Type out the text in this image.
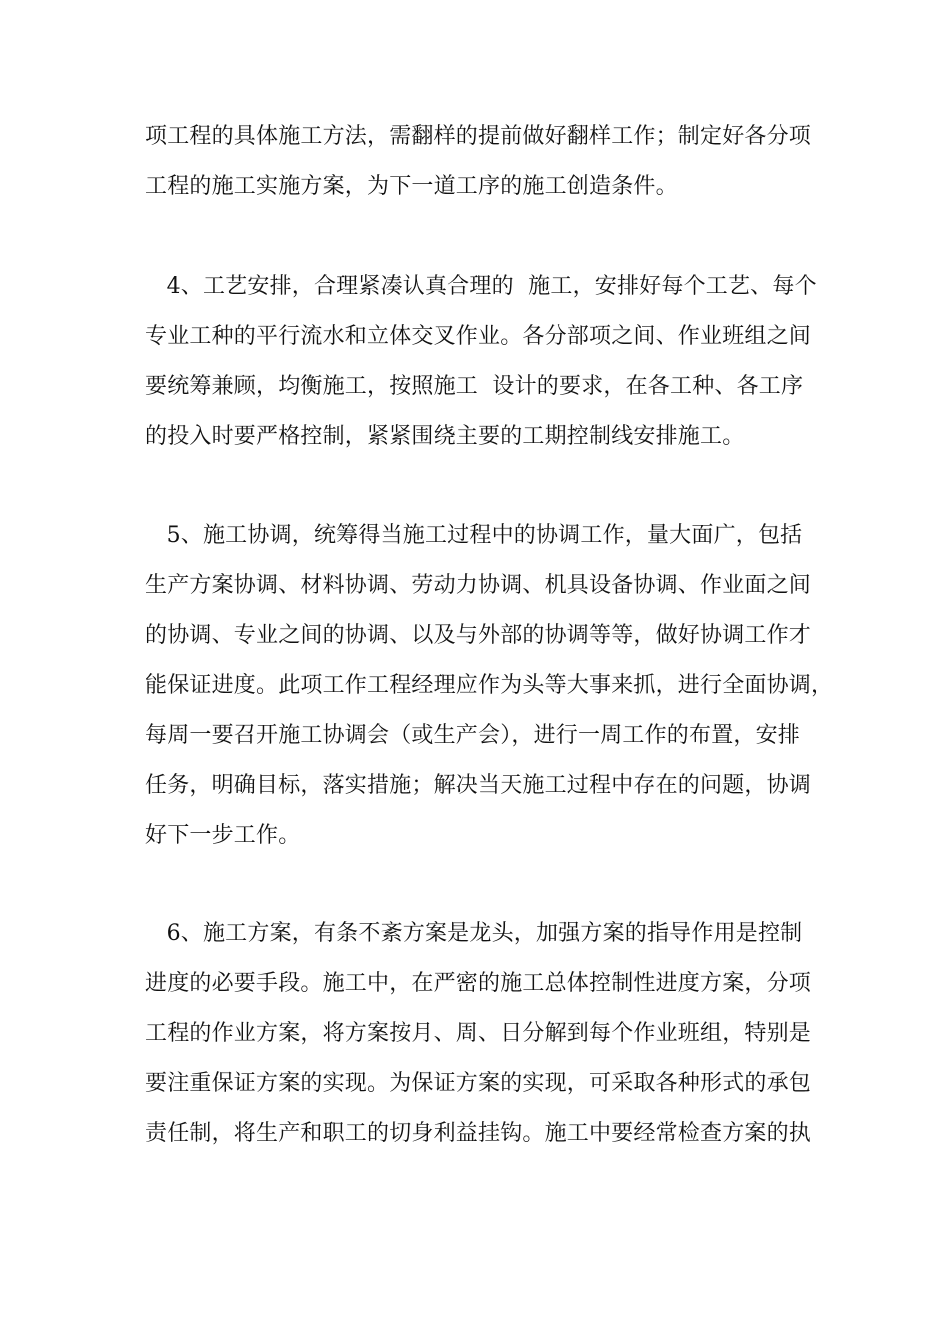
项工程的具体施工方法，需翻样的提前做好翻样工作；制定好各分项
工程的施工实施方案，为下一道工序的施工创造条件。
4、工艺安排，合理紧凑认真合理的  施工，安排好每个工艺、每个
专业工种的平行流水和立体交叉作业。各分部项之间、作业班组之间
要统筹兼顾，均衡施工，按照施工  设计的要求，在各工种、各工序
的投入时要严格控制，紧紧围绕主要的工期控制线安排施工。
5、施工协调，统筹得当施工过程中的协调工作，量大面广，包括
生产方案协调、材料协调、劳动力协调、机具设备协调、作业面之间
的协调、专业之间的协调、以及与外部的协调等等，做好协调工作才
能保证进度。此项工作工程经理应作为头等大事来抓，进行全面协调，
每周一要召开施工协调会（或生产会），进行一周工作的布置，安排
任务，明确目标，落实措施；解决当天施工过程中存在的问题，协调
好下一步工作。
6、施工方案，有条不紊方案是龙头，加强方案的指导作用是控制
进度的必要手段。施工中，在严密的施工总体控制性进度方案，分项
工程的作业方案，将方案按月、周、日分解到每个作业班组，特别是
要注重保证方案的实现。为保证方案的实现，可采取各种形式的承包
责任制，将生产和职工的切身利益挂钩。施工中要经常检查方案的执
